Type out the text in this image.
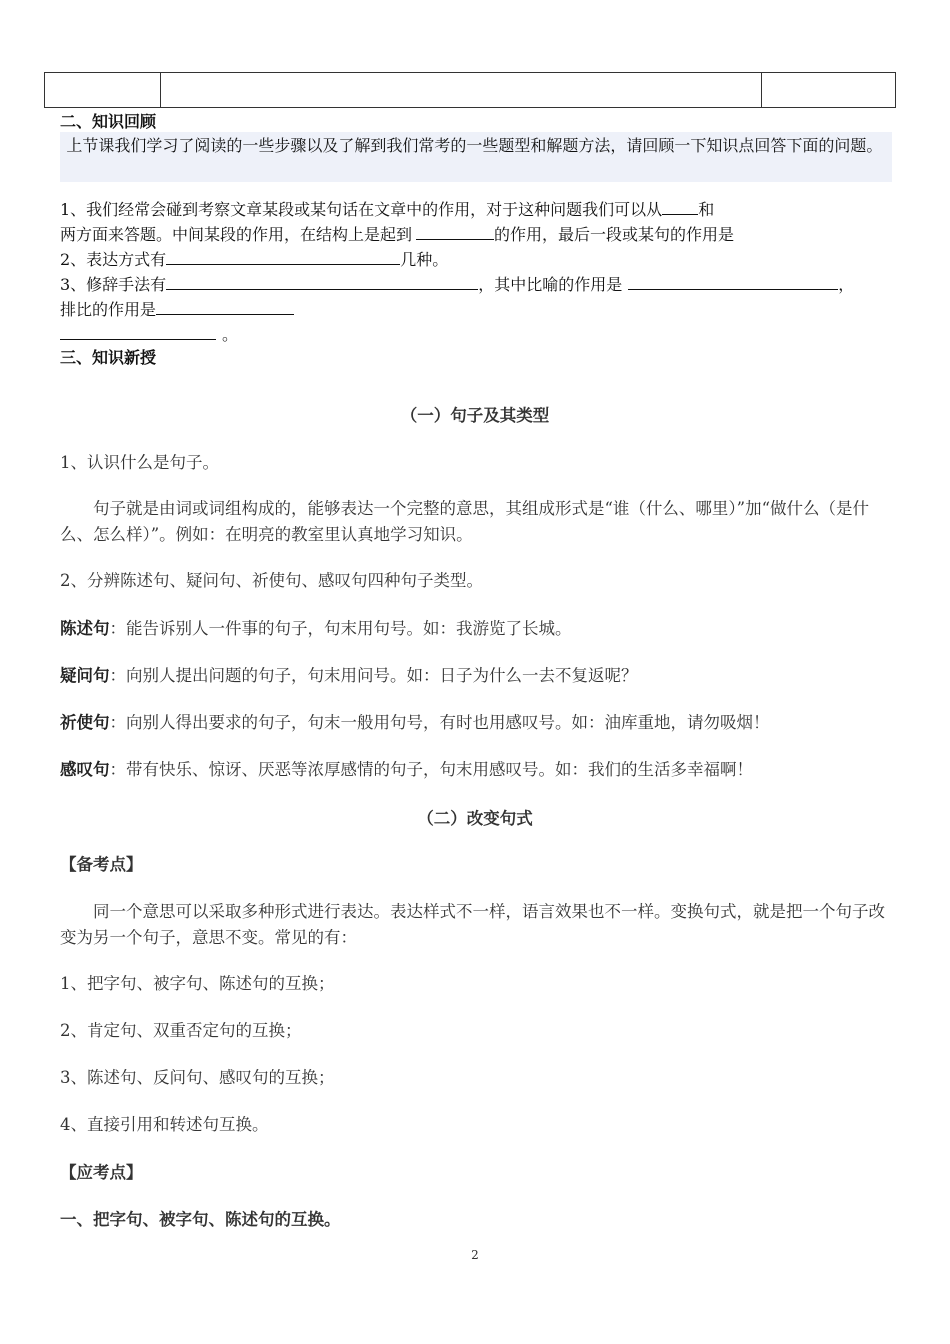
二、知识回顾
上节课我们学习了阅读的一些步骤以及了解到我们常考的一些题型和解题方法，请回顾一下知识点回答下面的问题。
1、我们经常会碰到考察文章某段或某句话在文章中的作用，对于这种问题我们可以从 和
两方面来答题。中间某段的作用，在结构上是起到	的作用，最后一段或某句的作用是
2、表达方式有	几种。
3、修辞手法有	，其中比喻的作用是	，
排比的作用是
。
三、知识新授
（一）句子及其类型
1、认识什么是句子。
句子就是由词或词组构成的，能够表达一个完整的意思，其组成形式是“谁（什么、哪里）”加“做什么（是什么、怎么样）”。例如：在明亮的教室里认真地学习知识。
2、分辨陈述句、疑问句、祈使句、感叹句四种句子类型。
陈述句：能告诉别人一件事的句子，句末用句号。如：我游览了长城。
疑问句：向别人提出问题的句子，句末用问号。如：日子为什么一去不复返呢？
祈使句：向别人得出要求的句子，句末一般用句号，有时也用感叹号。如：油库重地，请勿吸烟！
感叹句：带有快乐、惊讶、厌恶等浓厚感情的句子，句末用感叹号。如：我们的生活多幸福啊！
（二）改变句式
【备考点】
同一个意思可以采取多种形式进行表达。表达样式不一样，语言效果也不一样。变换句式，就是把一个句子改变为另一个句子，意思不变。常见的有：
1、把字句、被字句、陈述句的互换；
2、肯定句、双重否定句的互换；
3、陈述句、反问句、感叹句的互换；
4、直接引用和转述句互换。
【应考点】
一、把字句、被字句、陈述句的互换。
2
